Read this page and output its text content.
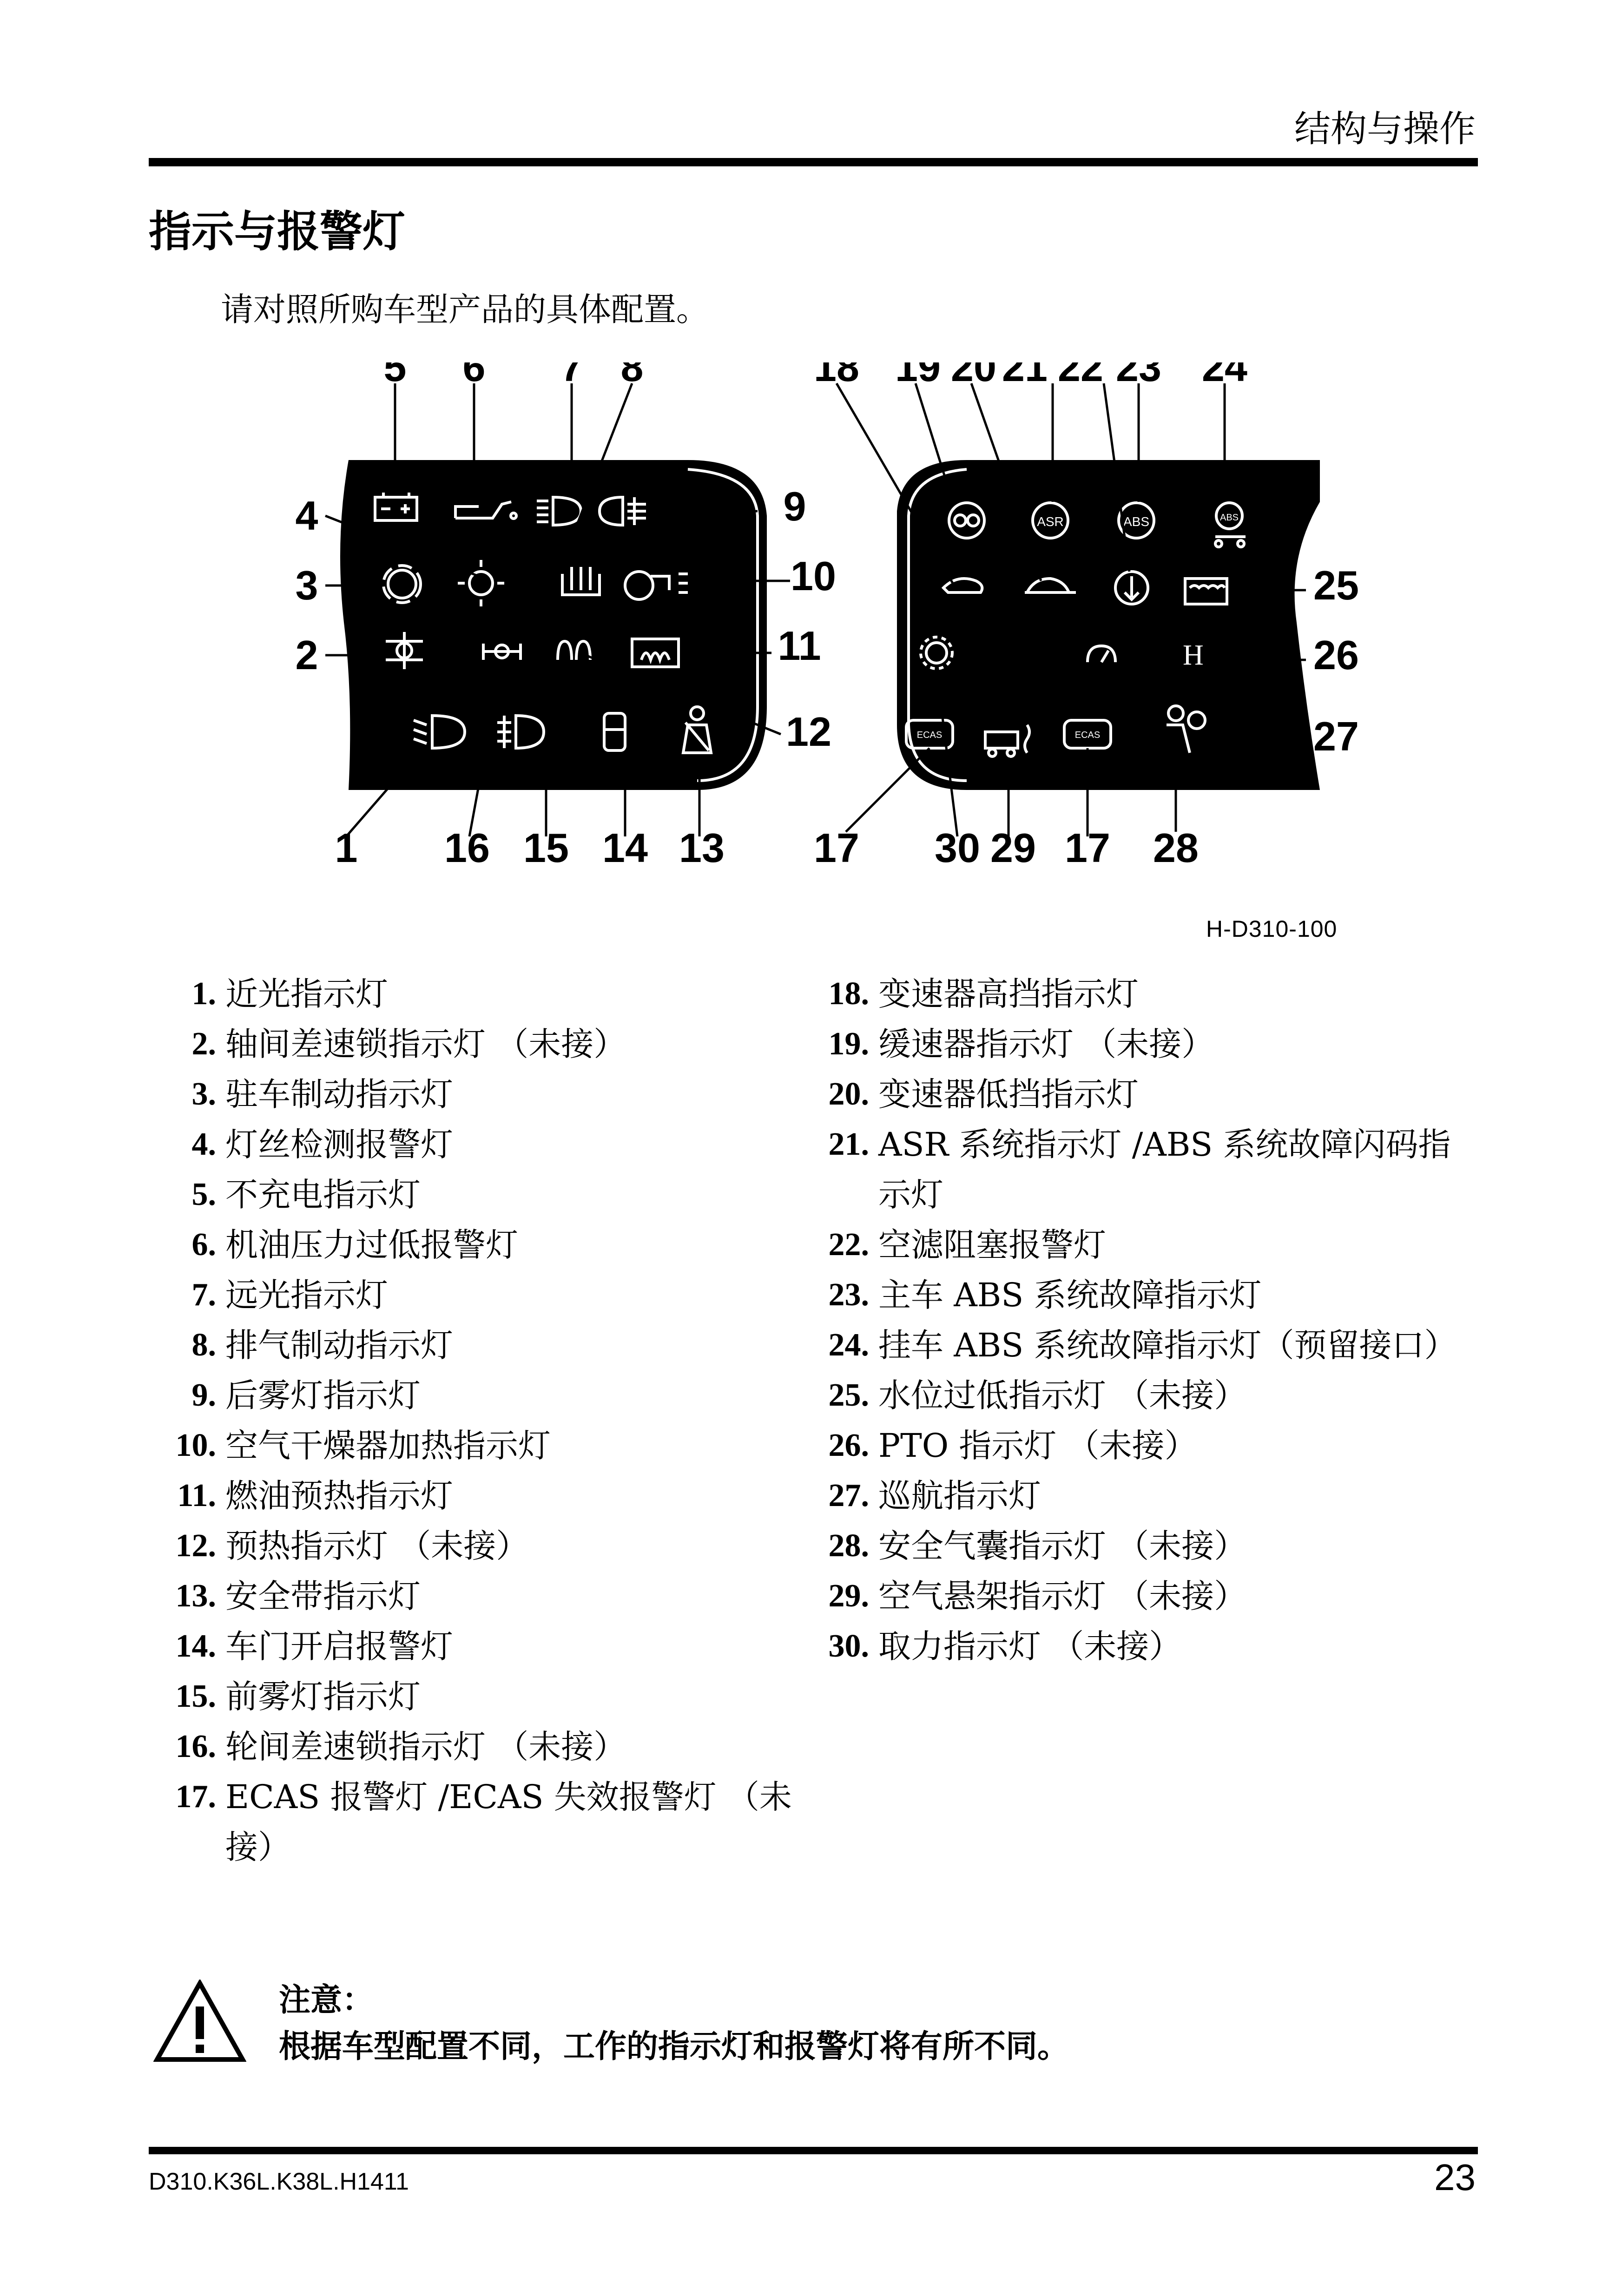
结构与操作
指示与报警灯
请对照所购车型产品的具体配置。
ASR	ABS	ABS
H
ECAS	ECAS
1
2
3
4
5 6 7 8
9
10
11
12
13
14
15
16	17	17
18 19 20 21 22 23 24
25
26
27
28
29
30
H-D310-100
1. 近光指示灯
2. 轴间差速锁指示灯 （未接）
3. 驻车制动指示灯
4. 灯丝检测报警灯
5. 不充电指示灯
6. 机油压力过低报警灯
7. 远光指示灯
8. 排气制动指示灯
9. 后雾灯指示灯
10. 空气干燥器加热指示灯
11. 燃油预热指示灯
12. 预热指示灯 （未接）
13. 安全带指示灯
14. 车门开启报警灯
15. 前雾灯指示灯
16. 轮间差速锁指示灯 （未接）
17. ECAS 报警灯 /ECAS 失效报警灯 （未接）
18. 变速器高挡指示灯
19. 缓速器指示灯 （未接）
20. 变速器低挡指示灯
21. ASR 系统指示灯 /ABS 系统故障闪码指示灯
22. 空滤阻塞报警灯
23. 主车 ABS 系统故障指示灯
24. 挂车 ABS 系统故障指示灯（预留接口）
25. 水位过低指示灯 （未接）
26. PTO 指示灯 （未接）
27. 巡航指示灯
28. 安全气囊指示灯 （未接）
29. 空气悬架指示灯 （未接）
30. 取力指示灯 （未接）
注意：
根据车型配置不同，工作的指示灯和报警灯将有所不同。
D310.K36L.K38L.H1411	23
